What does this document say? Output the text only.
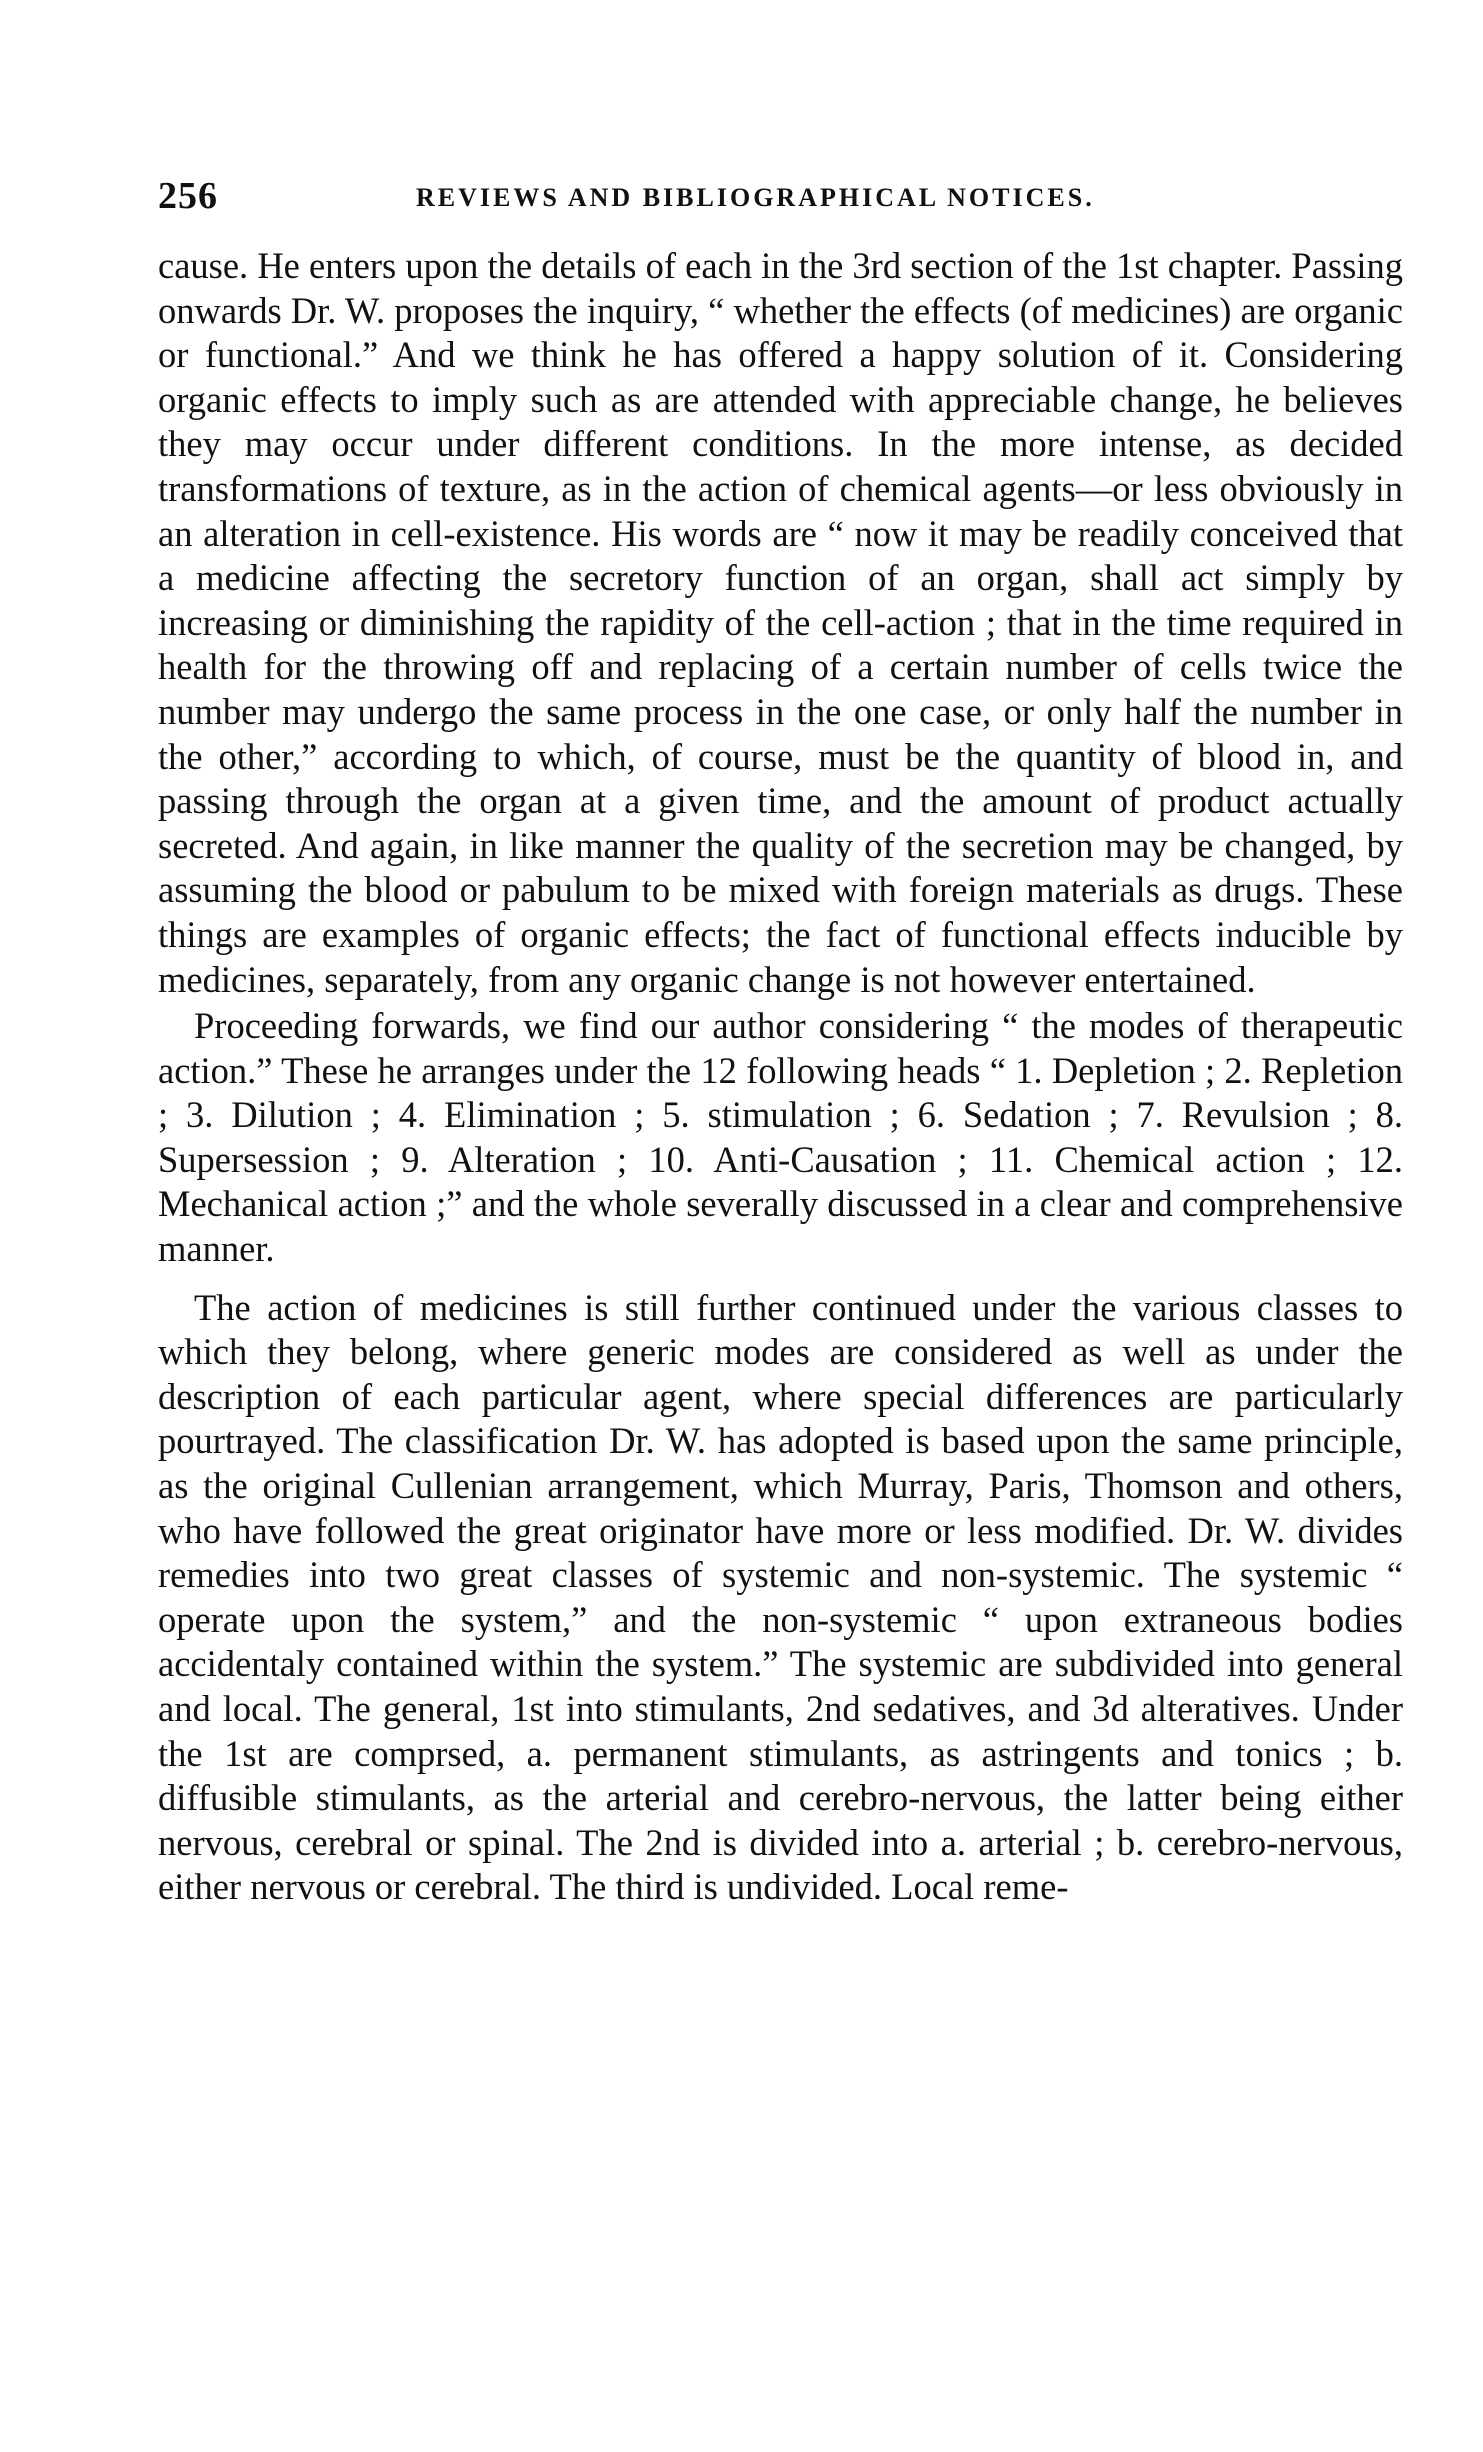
256	REVIEWS AND BIBLIOGRAPHICAL NOTICES.

cause. He enters upon the details of each in the 3rd section of the 1st chapter. Passing onwards Dr. W. proposes the inquiry, “ whether the effects (of medicines) are organic or functional.” And we think he has offered a happy solution of it. Considering organic effects to imply such as are attended with appreciable change, he believes they may occur under different conditions. In the more intense, as decided transformations of texture, as in the action of chemical agents—or less obviously in an alteration in cell-existence. His words are “ now it may be readily conceived that a medicine affecting the secretory function of an organ, shall act simply by increasing or diminishing the rapidity of the cell-action ; that in the time required in health for the throwing off and replacing of a certain number of cells twice the number may undergo the same process in the one case, or only half the number in the other,” according to which, of course, must be the quantity of blood in, and passing through the organ at a given time, and the amount of product actually secreted. And again, in like manner the quality of the secretion may be changed, by assuming the blood or pabulum to be mixed with foreign materials as drugs. These things are examples of organic effects; the fact of functional effects inducible by medicines, separately, from any organic change is not however entertained.

Proceeding forwards, we find our author considering “ the modes of therapeutic action.” These he arranges under the 12 following heads “ 1. Depletion ; 2. Repletion ; 3. Dilution ; 4. Elimination ; 5. stimulation ; 6. Sedation ; 7. Revulsion ; 8. Supersession ; 9. Alteration ; 10. Anti-Causation ; 11. Chemical action ; 12. Mechanical action ;” and the whole severally discussed in a clear and comprehensive manner.

The action of medicines is still further continued under the various classes to which they belong, where generic modes are considered as well as under the description of each particular agent, where special differences are particularly pourtrayed. The classification Dr. W. has adopted is based upon the same principle, as the original Cullenian arrangement, which Murray, Paris, Thomson and others, who have followed the great originator have more or less modified. Dr. W. divides remedies into two great classes of systemic and non-systemic. The systemic “ operate upon the system,” and the non-systemic “ upon extraneous bodies accidentaly contained within the system.” The systemic are subdivided into general and local. The general, 1st into stimulants, 2nd sedatives, and 3d alteratives. Under the 1st are comprsed, a. permanent stimulants, as astringents and tonics ; b. diffusible stimulants, as the arterial and cerebro-nervous, the latter being either nervous, cerebral or spinal. The 2nd is divided into a. arterial ; b. cerebro-nervous, either nervous or cerebral. The third is undivided. Local reme-
